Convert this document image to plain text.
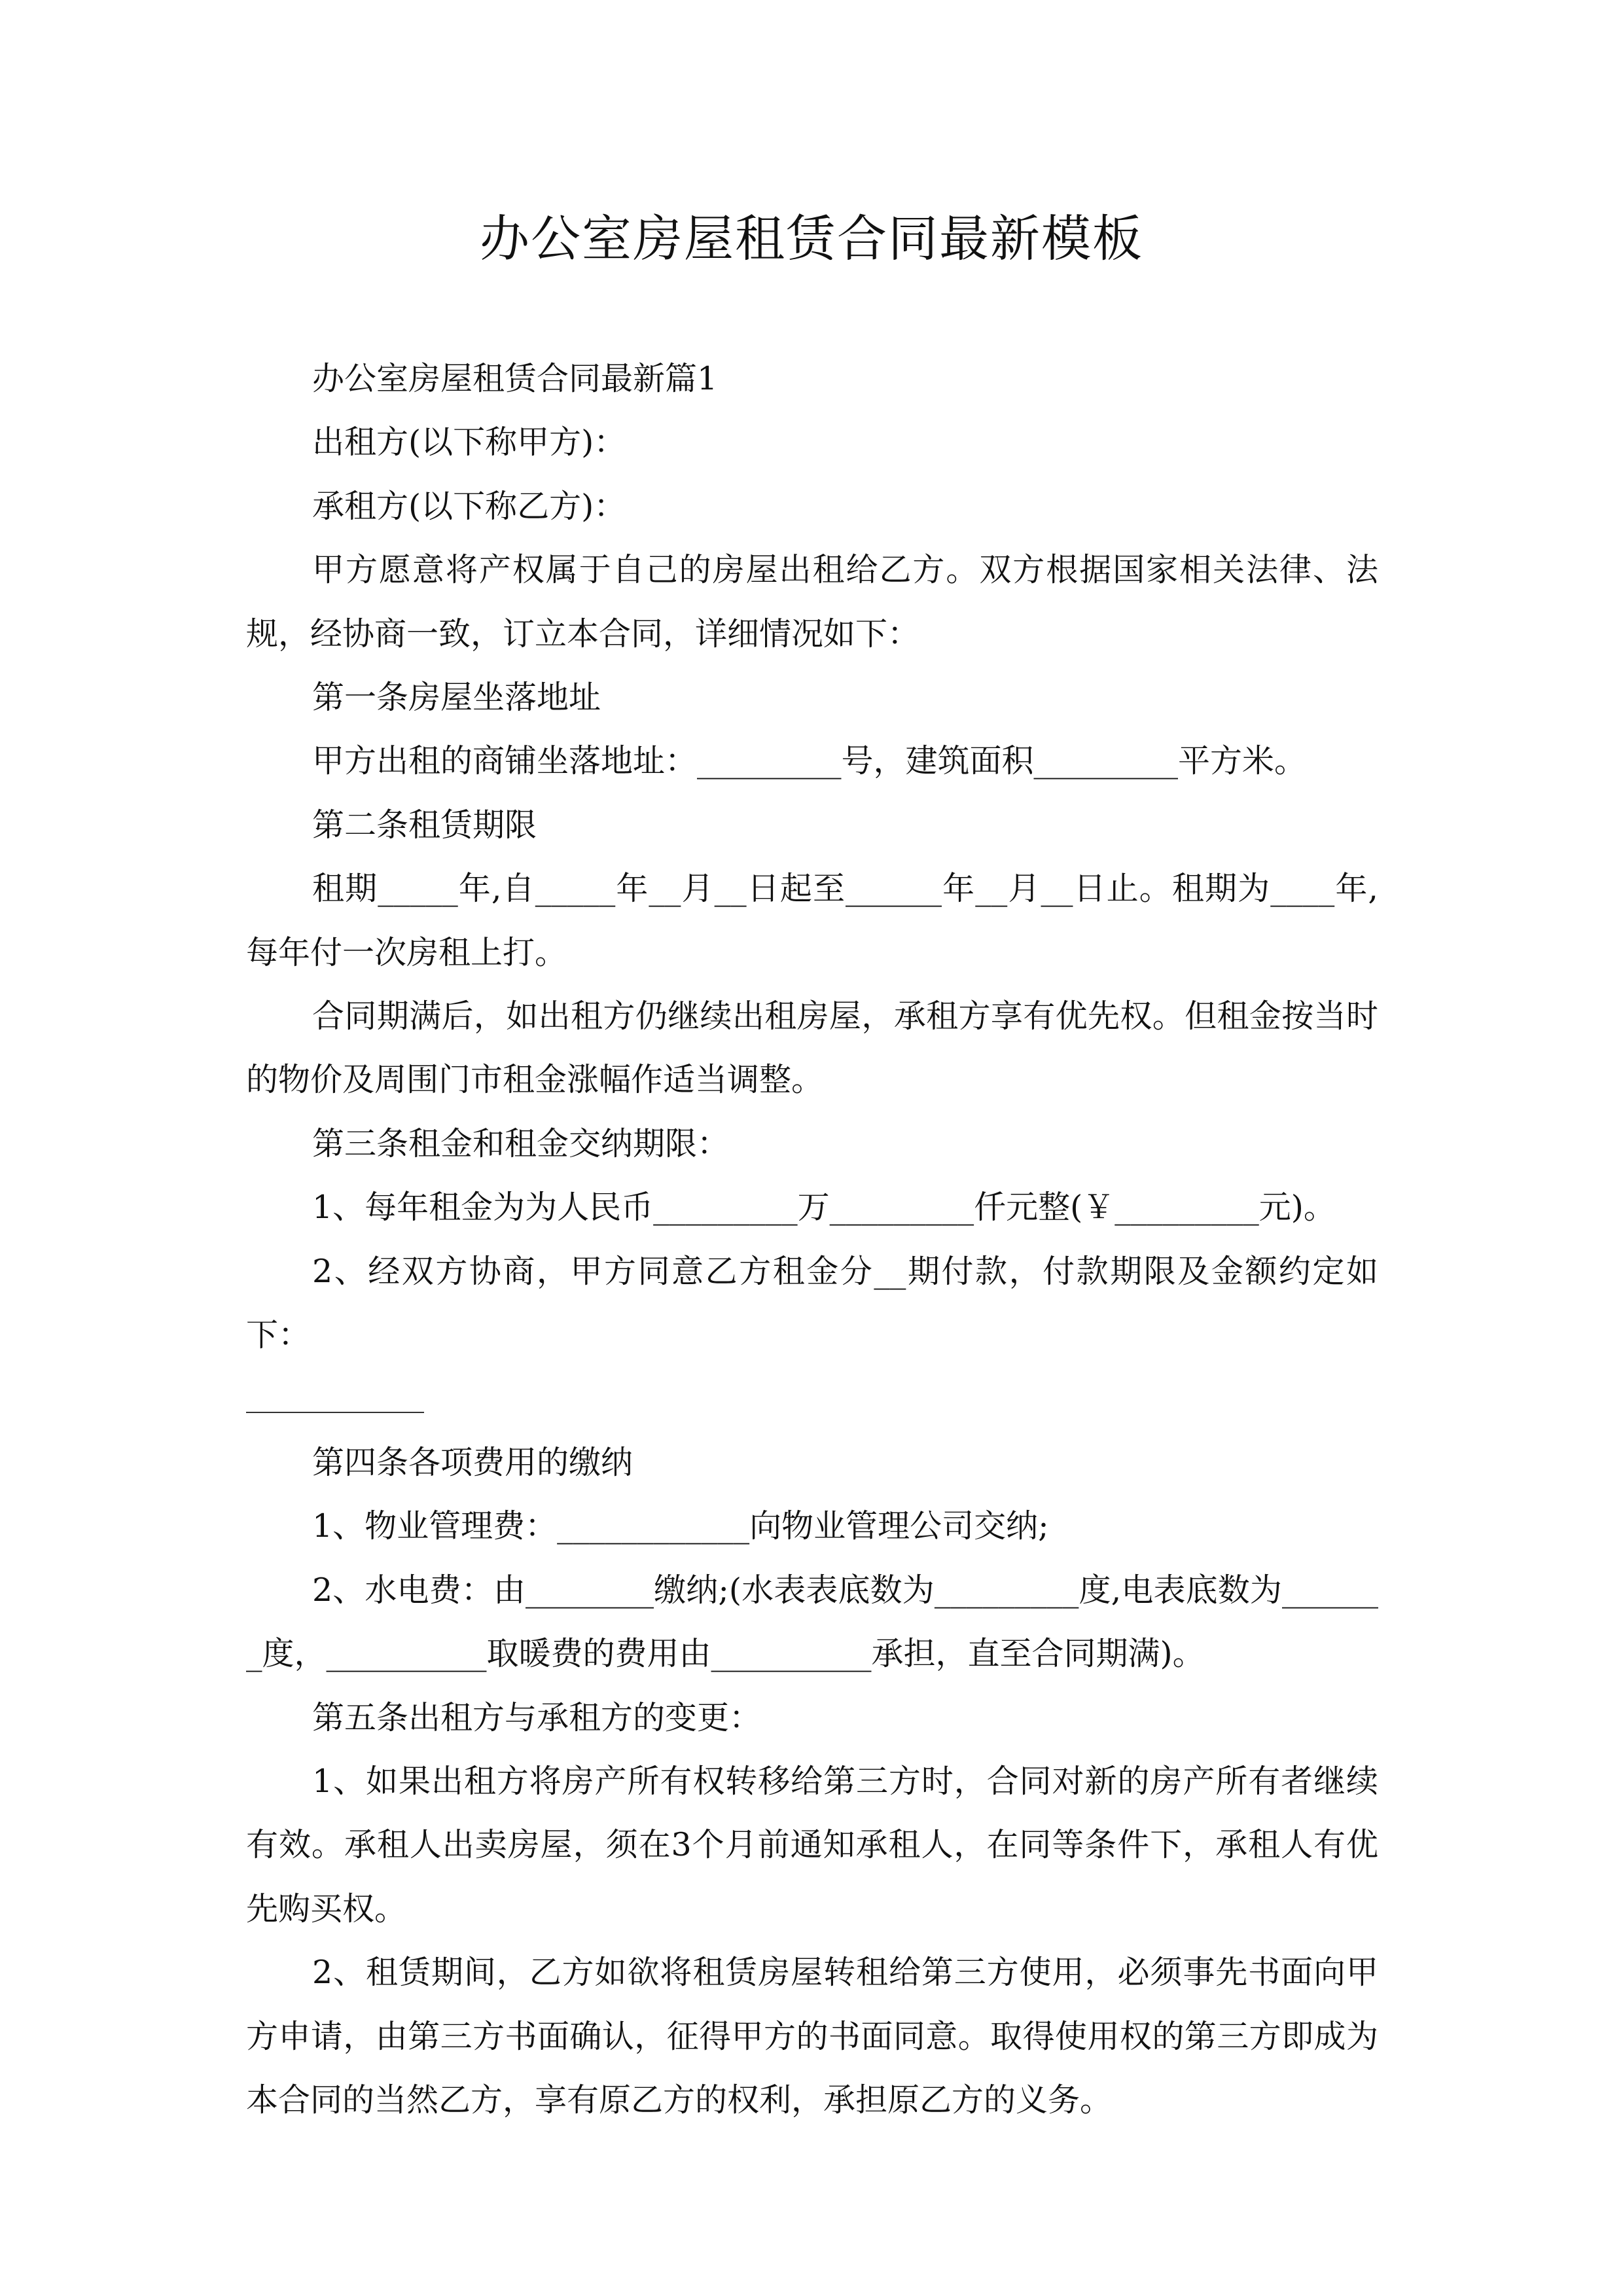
办公室房屋租赁合同最新模板

办公室房屋租赁合同最新篇1

出租方(以下称甲方)：

承租方(以下称乙方)：

甲方愿意将产权属于自己的房屋出租给乙方。双方根据国家相关法律、法规，经协商一致，订立本合同，详细情况如下：

第一条房屋坐落地址

甲方出租的商铺坐落地址：_________号，建筑面积_________平方米。

第二条租赁期限

租期_____年,自_____年__月__日起至______年__月__日止。租期为____年,每年付一次房租上打。

合同期满后，如出租方仍继续出租房屋，承租方享有优先权。但租金按当时的物价及周围门市租金涨幅作适当调整。

第三条租金和租金交纳期限：

1、每年租金为为人民币_________万_________仟元整(￥_________元)。

2、经双方协商，甲方同意乙方租金分__期付款，付款期限及金额约定如下：

第四条各项费用的缴纳

1、物业管理费：____________向物业管理公司交纳;

2、水电费：由________缴纳;(水表表底数为_________度,电表底数为_______度，__________取暖费的费用由__________承担，直至合同期满)。

第五条出租方与承租方的变更：

1、如果出租方将房产所有权转移给第三方时，合同对新的房产所有者继续有效。承租人出卖房屋，须在3个月前通知承租人，在同等条件下，承租人有优先购买权。

2、租赁期间，乙方如欲将租赁房屋转租给第三方使用，必须事先书面向甲方申请，由第三方书面确认，征得甲方的书面同意。取得使用权的第三方即成为本合同的当然乙方，享有原乙方的权利，承担原乙方的义务。
